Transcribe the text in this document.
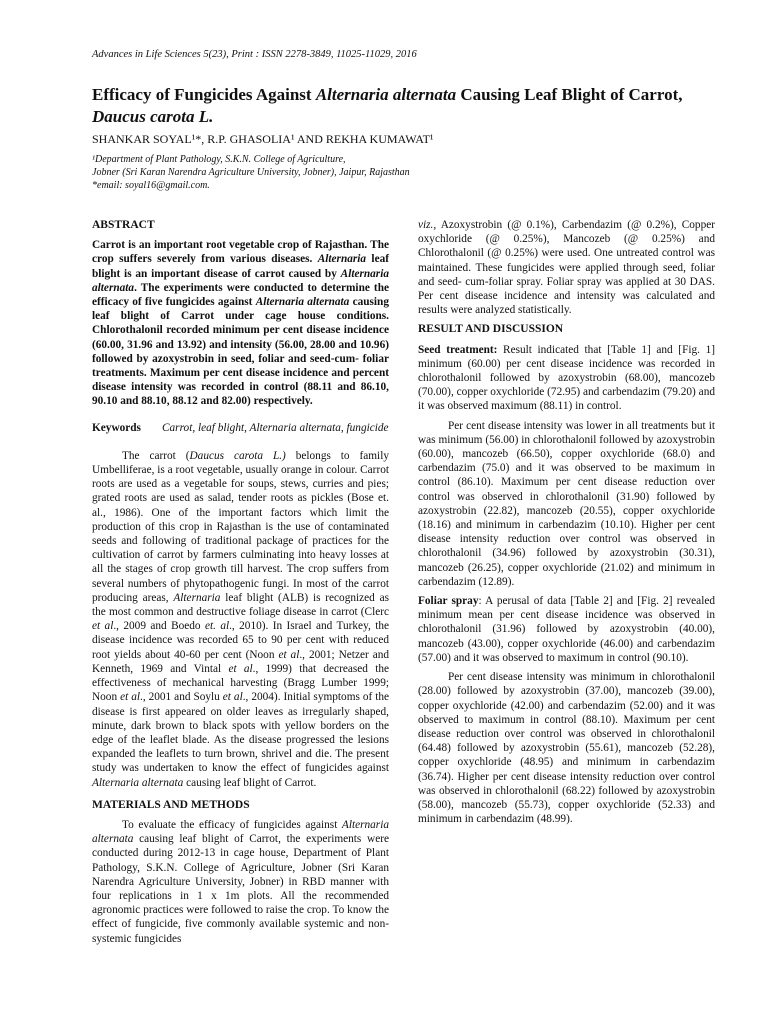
Advances in Life Sciences 5(23), Print : ISSN 2278-3849, 11025-11029, 2016
Efficacy of Fungicides Against Alternaria alternata Causing Leaf Blight of Carrot, Daucus carota L.
SHANKAR SOYAL¹*, R.P. GHASOLIA¹ AND REKHA KUMAWAT¹
¹Department of Plant Pathology, S.K.N. College of Agriculture,
Jobner (Sri Karan Narendra Agriculture University, Jobner), Jaipur, Rajasthan
*email: soyal16@gmail.com.
ABSTRACT

Carrot is an important root vegetable crop of Rajasthan. The crop suffers severely from various diseases. Alternaria leaf blight is an important disease of carrot caused by Alternaria alternata. The experiments were conducted to determine the efficacy of five fungicides against Alternaria alternata causing leaf blight of Carrot under cage house conditions. Chlorothalonil recorded minimum per cent disease incidence (60.00, 31.96 and 13.92) and intensity (56.00, 28.00 and 10.96) followed by azoxystrobin in seed, foliar and seed-cum- foliar treatments. Maximum per cent disease incidence and percent disease intensity was recorded in control (88.11 and 86.10, 90.10 and 88.10, 88.12 and 82.00) respectively.

Keywords	Carrot, leaf blight, Alternaria alternata, fungicide

The carrot (Daucus carota L.) belongs to family Umbelliferae, is a root vegetable, usually orange in colour. Carrot roots are used as a vegetable for soups, stews, curries and pies; grated roots are used as salad, tender roots as pickles (Bose et. al., 1986). One of the important factors which limit the production of this crop in Rajasthan is the use of contaminated seeds and following of traditional package of practices for the cultivation of carrot by farmers culminating into heavy losses at all the stages of crop growth till harvest. The crop suffers from several numbers of phytopathogenic fungi. In most of the carrot producing areas, Alternaria leaf blight (ALB) is recognized as the most common and destructive foliage disease in carrot (Clerc et al., 2009 and Boedo et. al., 2010). In Israel and Turkey, the disease incidence was recorded 65 to 90 per cent with reduced root yields about 40-60 per cent (Noon et al., 2001; Netzer and Kenneth, 1969 and Vintal et al., 1999) that decreased the effectiveness of mechanical harvesting (Bragg Lumber 1999; Noon et al., 2001 and Soylu et al., 2004). Initial symptoms of the disease is first appeared on older leaves as irregularly shaped, minute, dark brown to black spots with yellow borders on the edge of the leaflet blade. As the disease progressed the lesions expanded the leaflets to turn brown, shrivel and die. The present study was undertaken to know the effect of fungicides against Alternaria alternata causing leaf blight of Carrot.

MATERIALS AND METHODS

To evaluate the efficacy of fungicides against Alternaria alternata causing leaf blight of Carrot, the experiments were conducted during 2012-13 in cage house, Department of Plant Pathology, S.K.N. College of Agriculture, Jobner (Sri Karan Narendra Agriculture University, Jobner) in RBD manner with four replications in 1 x 1m plots. All the recommended agronomic practices were followed to raise the crop. To know the effect of fungicide, five commonly available systemic and non-systemic fungicides

viz., Azoxystrobin (@ 0.1%), Carbendazim (@ 0.2%), Copper oxychloride (@ 0.25%), Mancozeb (@ 0.25%) and Chlorothalonil (@ 0.25%) were used. One untreated control was maintained. These fungicides were applied through seed, foliar and seed- cum-foliar spray. Foliar spray was applied at 30 DAS. Per cent disease incidence and intensity was calculated and results were analyzed statistically.

RESULT AND DISCUSSION

Seed treatment: Result indicated that [Table 1] and [Fig. 1] minimum (60.00) per cent disease incidence was recorded in chlorothalonil followed by azoxystrobin (68.00), mancozeb (70.00), copper oxychloride (72.95) and carbendazim (79.20) and it was observed maximum (88.11) in control.

Per cent disease intensity was lower in all treatments but it was minimum (56.00) in chlorothalonil followed by azoxystrobin (60.00), mancozeb (66.50), copper oxychloride (68.0) and carbendazim (75.0) and it was observed to be maximum in control (86.10). Maximum per cent disease reduction over control was observed in chlorothalonil (31.90) followed by azoxystrobin (22.82), mancozeb (20.55), copper oxychloride (18.16) and minimum in carbendazim (10.10). Higher per cent disease intensity reduction over control was observed in chlorothalonil (34.96) followed by azoxystrobin (30.31), mancozeb (26.25), copper oxychloride (21.02) and minimum in carbendazim (12.89).

Foliar spray: A perusal of data [Table 2] and [Fig. 2] revealed minimum mean per cent disease incidence was observed in chlorothalonil (31.96) followed by azoxystrobin (40.00), mancozeb (43.00), copper oxychloride (46.00) and carbendazim (57.00) and it was observed to maximum in control (90.10).

Per cent disease intensity was minimum in chlorothalonil (28.00) followed by azoxystrobin (37.00), mancozeb (39.00), copper oxychloride (42.00) and carbendazim (52.00) and it was observed to maximum in control (88.10). Maximum per cent disease reduction over control was observed in chlorothalonil (64.48) followed by azoxystrobin (55.61), mancozeb (52.28), copper oxychloride (48.95) and minimum in carbendazim (36.74). Higher per cent disease intensity reduction over control was observed in chlorothalonil (68.22) followed by azoxystrobin (58.00), mancozeb (55.73), copper oxychloride (52.33) and minimum in carbendazim (48.99).
